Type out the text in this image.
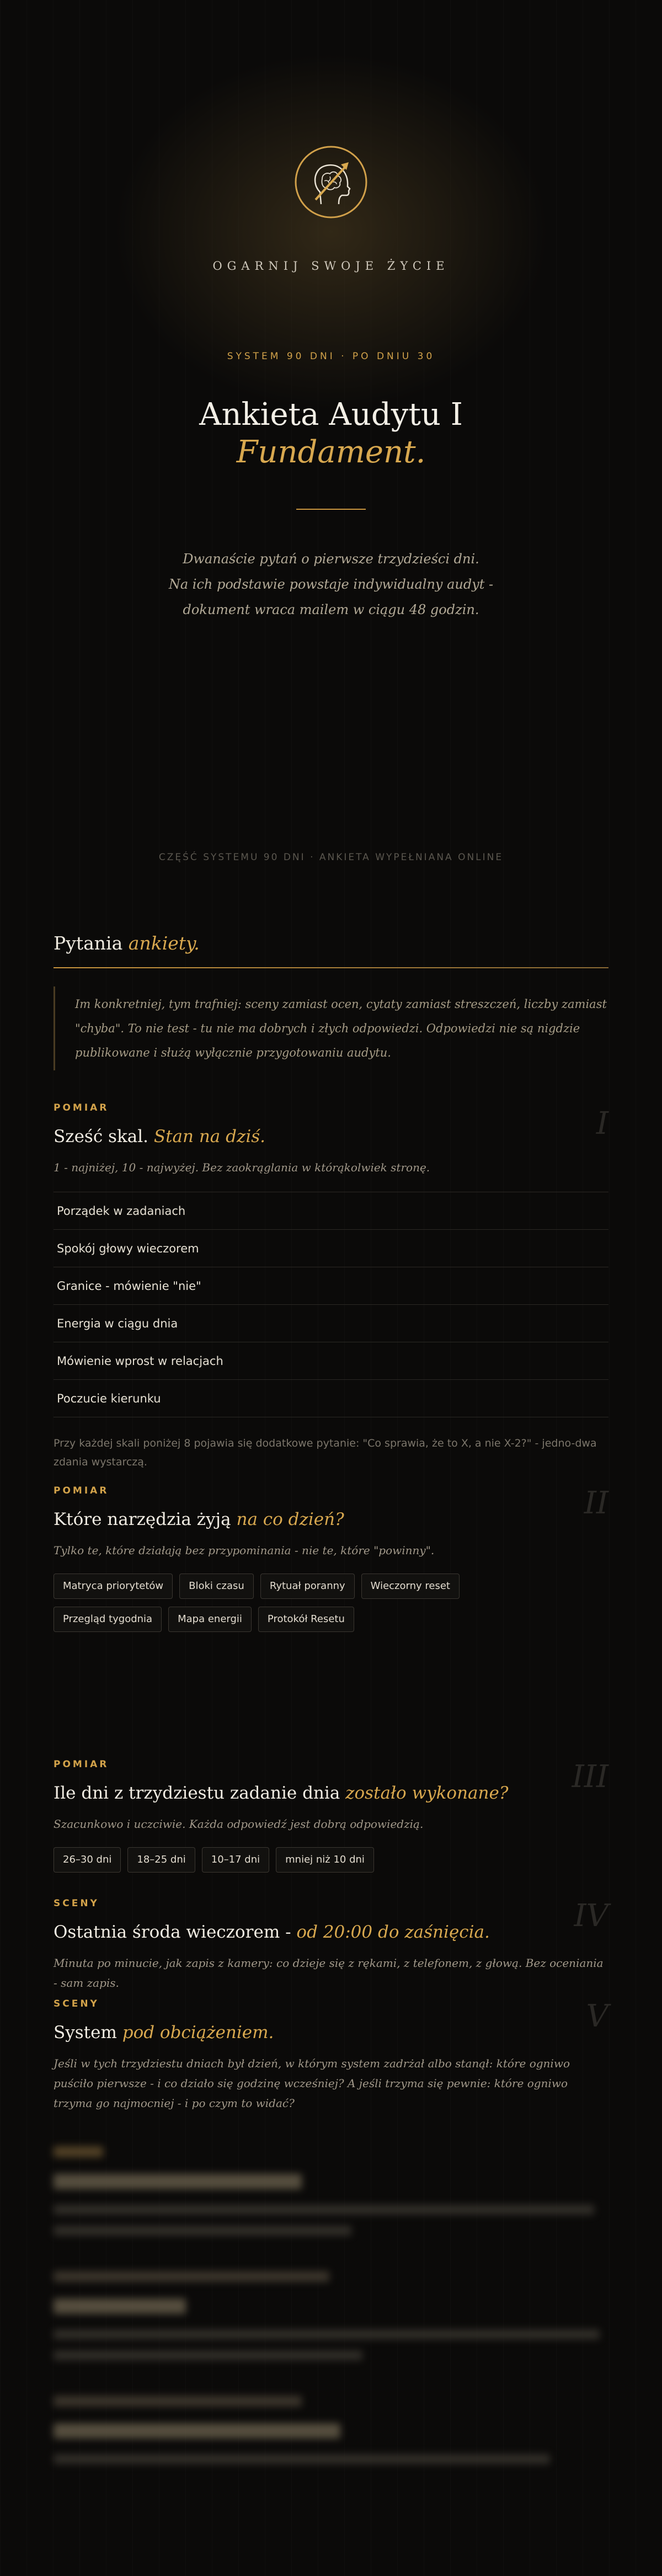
OGARNIJ SWOJE ŻYCIE
SYSTEM 90 DNI · PO DNIU 30
Ankieta Audytu I
Fundament.

Dwanaście pytań o pierwsze trzydzieści dni.

Na ich podstawie powstaje indywidualny audyt -

dokument wraca mailem w ciągu 48 godzin.

CZĘŚĆ SYSTEMU 90 DNI · ANKIETA WYPEŁNIANA ONLINE
Pytania ankiety.
Im konkretniej, tym trafniej: sceny zamiast ocen, cytaty zamiast streszczeń, liczby zamiast "chyba". To nie test - tu nie ma dobrych i złych odpowiedzi. Odpowiedzi nie są nigdzie publikowane i służą wyłącznie przygotowaniu audytu.
I
POMIAR
Sześć skal. Stan na dziś.
1 - najniżej, 10 - najwyżej. Bez zaokrąglania w którąkolwiek stronę.
Porządek w zadaniach
Spokój głowy wieczorem
Granice - mówienie "nie"
Energia w ciągu dnia
Mówienie wprost w relacjach
Poczucie kierunku
Przy każdej skali poniżej 8 pojawia się dodatkowe pytanie: "Co sprawia, że to X, a nie X-2?" - jedno-dwa zdania wystarczą.
II
POMIAR
Które narzędzia żyją na co dzień?
Tylko te, które działają bez przypominania - nie te, które "powinny".
Matryca priorytetów	Bloki czasu	Rytuał poranny	Wieczorny reset
Przegląd tygodnia	Mapa energii	Protokół Resetu
III
POMIAR
Ile dni z trzydziestu zadanie dnia zostało wykonane?
Szacunkowo i uczciwie. Każda odpowiedź jest dobrą odpowiedzią.
26–30 dni	18–25 dni	10–17 dni	mniej niż 10 dni
IV
SCENY
Ostatnia środa wieczorem - od 20:00 do zaśnięcia.
Minuta po minucie, jak zapis z kamery: co dzieje się z rękami, z telefonem, z głową. Bez oceniania - sam zapis.
V
SCENY
System pod obciążeniem.
Jeśli w tych trzydziestu dniach był dzień, w którym system zadrżał albo stanął: które ogniwo puściło pierwsze - i co działo się godzinę wcześniej? A jeśli trzyma się pewnie: które ogniwo trzyma go najmocniej - i po czym to widać?
